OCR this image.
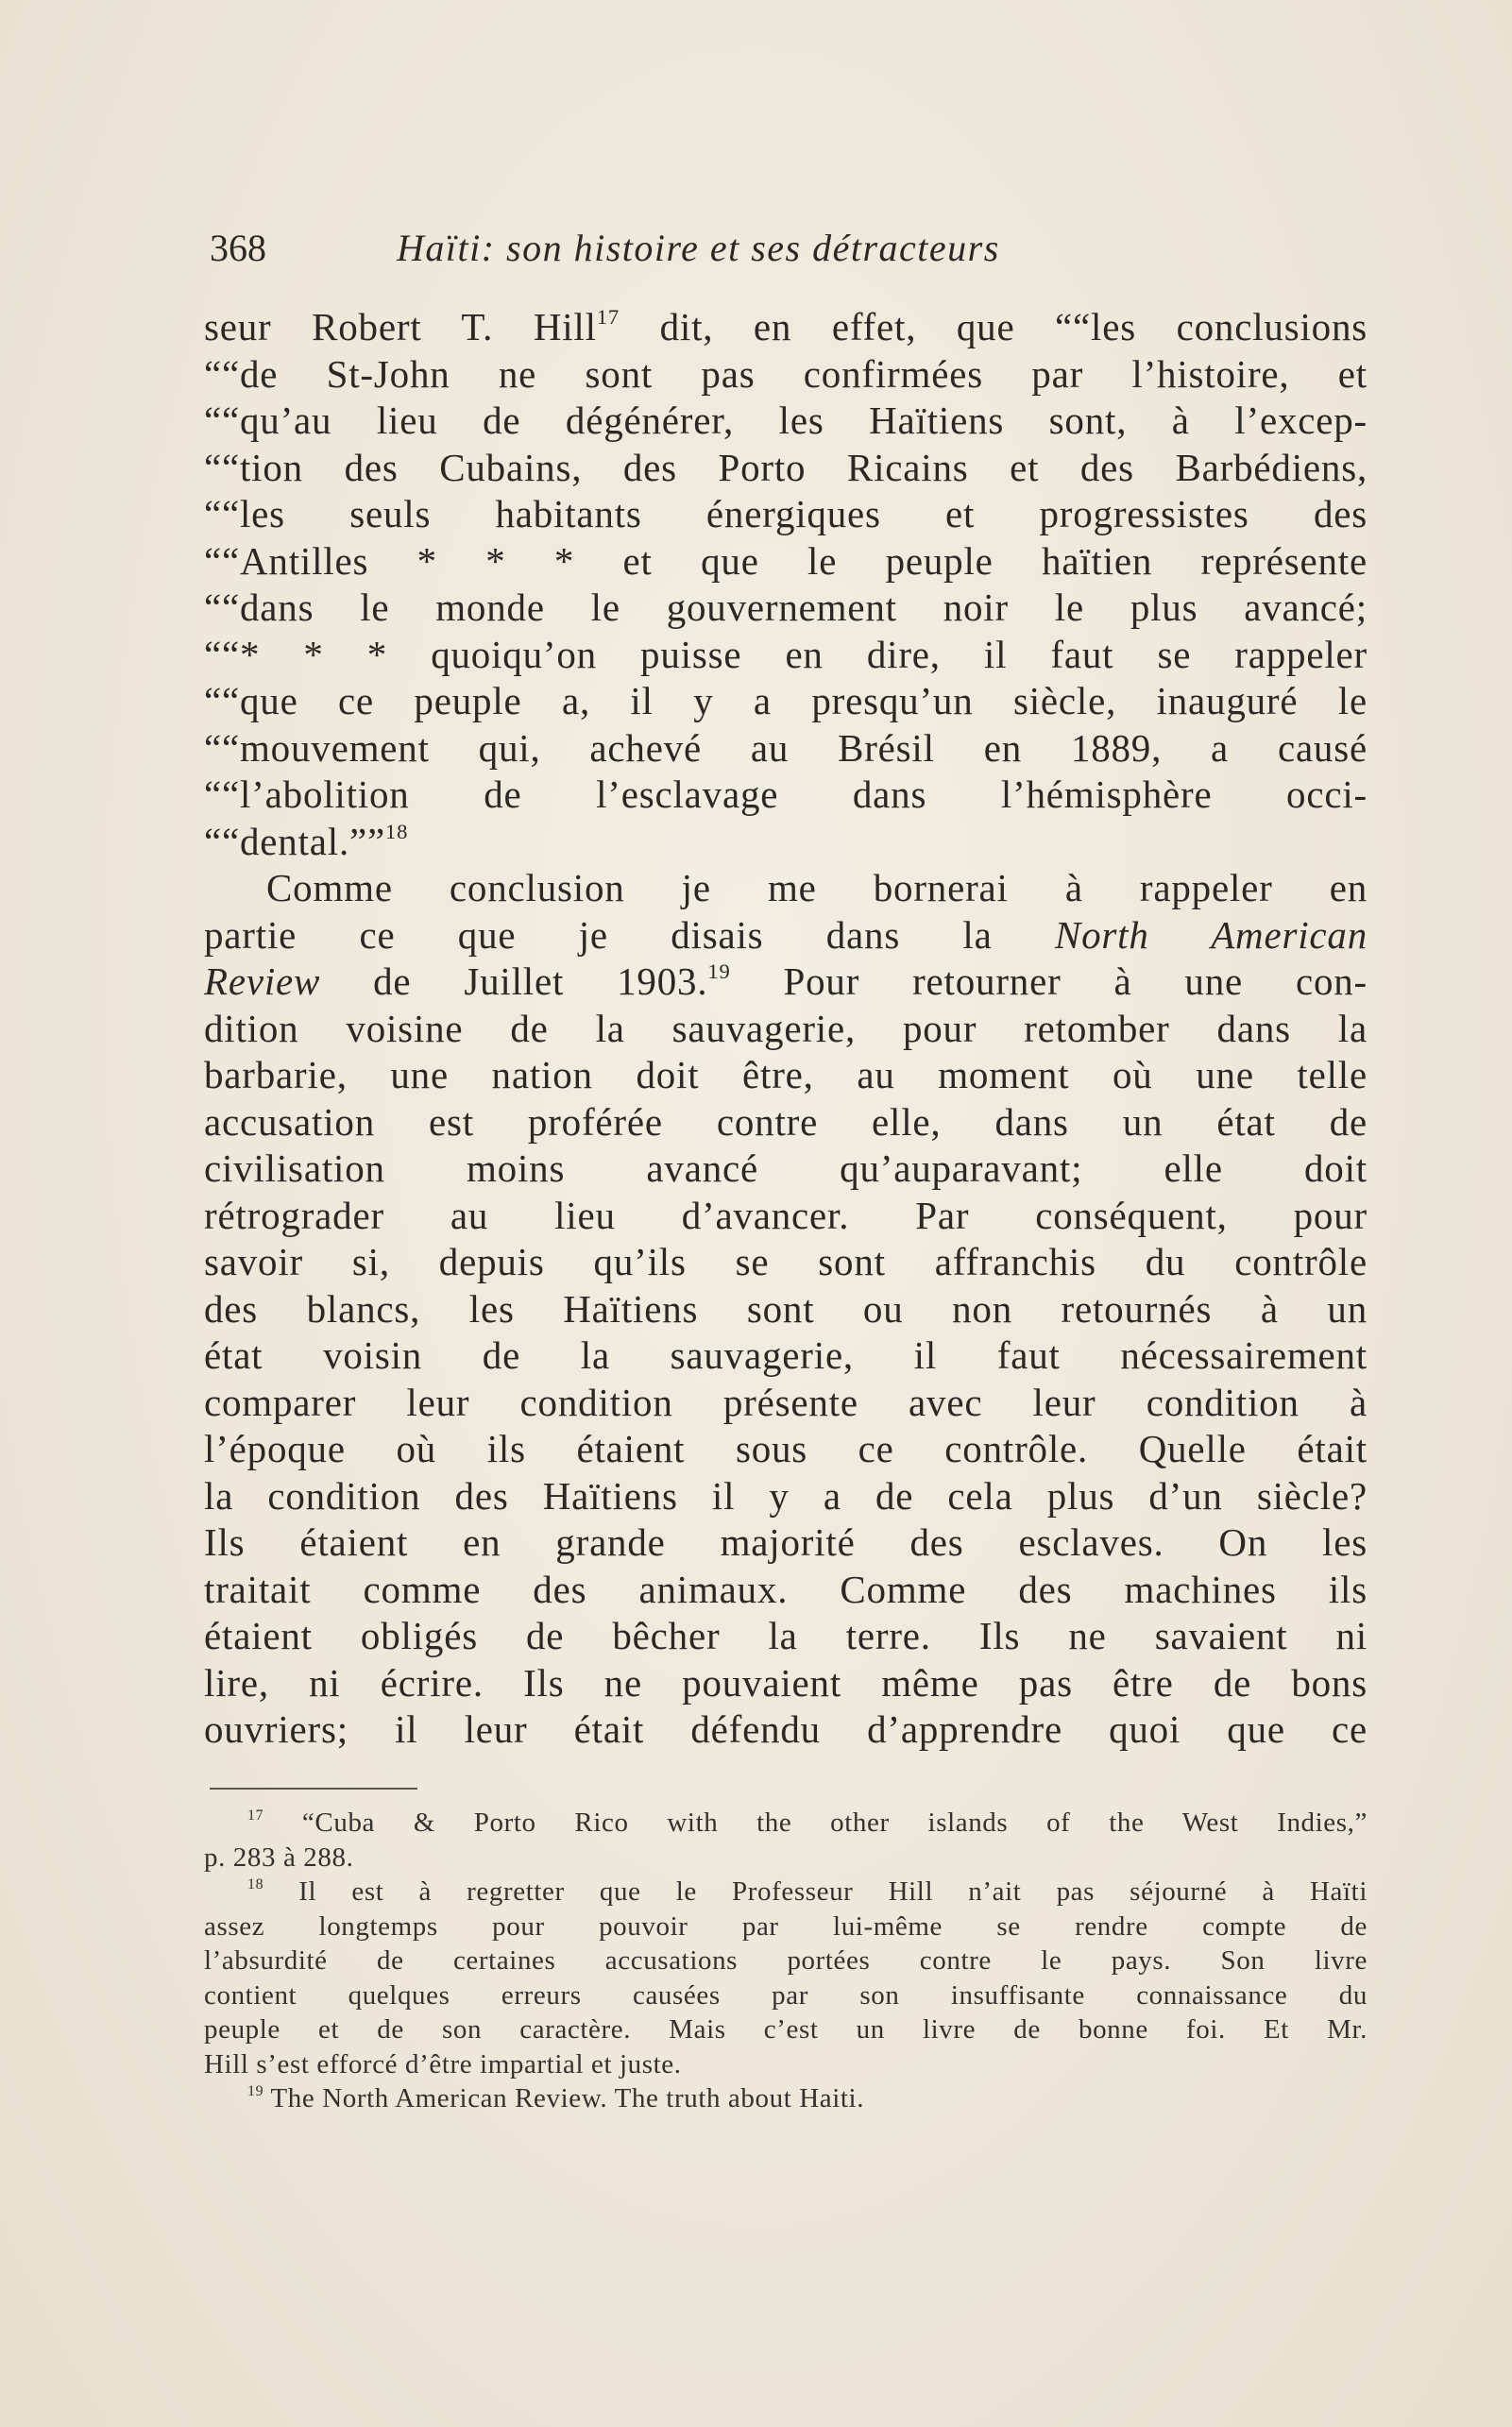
368	Haïti: son histoire et ses détracteurs
seur Robert T. Hill$^{17}$ dit, en effet, que ““les conclusions
““de St-John ne sont pas confirmées par l’histoire, et
““qu’au lieu de dégénérer, les Haïtiens sont, à l’excep-
““tion des Cubains, des Porto Ricains et des Barbédiens,
““les seuls habitants énergiques et progressistes des
““Antilles * * * et que le peuple haïtien représente
““dans le monde le gouvernement noir le plus avancé;
““* * * quoiqu’on puisse en dire, il faut se rappeler
““que ce peuple a, il y a presqu’un siècle, inauguré le
““mouvement qui, achevé au Brésil en 1889, a causé
““l’abolition de l’esclavage dans l’hémisphère occi-
““dental.””$^{18}$
Comme conclusion je me bornerai à rappeler en
partie ce que je disais dans la North American
Review de Juillet 1903.19 Pour retourner à une con-
dition voisine de la sauvagerie, pour retomber dans la
barbarie, une nation doit être, au moment où une telle
accusation est proférée contre elle, dans un état de
civilisation moins avancé qu’auparavant; elle doit
rétrograder au lieu d’avancer. Par conséquent, pour
savoir si, depuis qu’ils se sont affranchis du contrôle
des blancs, les Haïtiens sont ou non retournés à un
état voisin de la sauvagerie, il faut nécessairement
comparer leur condition présente avec leur condition à
l’époque où ils étaient sous ce contrôle. Quelle était
la condition des Haïtiens il y a de cela plus d’un siècle?
Ils étaient en grande majorité des esclaves. On les
traitait comme des animaux. Comme des machines ils
étaient obligés de bêcher la terre. Ils ne savaient ni
lire, ni écrire. Ils ne pouvaient même pas être de bons
ouvriers; il leur était défendu d’apprendre quoi que ce
$^{17}$ “Cuba & Porto Rico with the other islands of the West Indies,”
p. 283 à 288.
$^{18}$ Il est à regretter que le Professeur Hill n’ait pas séjourné à Haïti
assez longtemps pour pouvoir par lui-même se rendre compte de
l’absurdité de certaines accusations portées contre le pays. Son livre
contient quelques erreurs causées par son insuffisante connaissance du
peuple et de son caractère. Mais c’est un livre de bonne foi. Et Mr.
Hill s’est efforcé d’être impartial et juste.
$^{19}$ The North American Review. The truth about Haiti.
